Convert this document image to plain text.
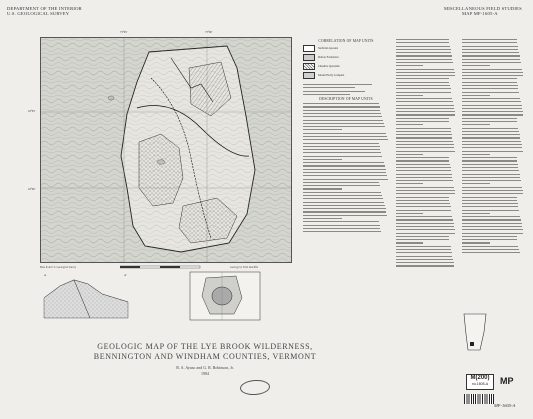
DEPARTMENT OF THE INTERIOR
U.S. GEOLOGICAL SURVEY
MISCELLANEOUS FIELD STUDIES
MAP MF-1605-A
43°05'
43°00'
73°05'	73°00'
Base from U.S. Geological Survey	Geology by N.M. Ratcliffe
A	A'
CORRELATION OF MAP UNITS
Surficial deposits
Dalton Formation
Cheshire Quartzite
Mount Holly Complex
DESCRIPTION OF MAP UNITS
GEOLOGIC MAP OF THE LYE BROOK WILDERNESS,
BENNINGTON AND WINDHAM COUNTIES, VERMONT
R. A. Ayuso and G. R. Robinson, Jr.
1984
M(200)
no.1605-A	MP
MF-1605-A
